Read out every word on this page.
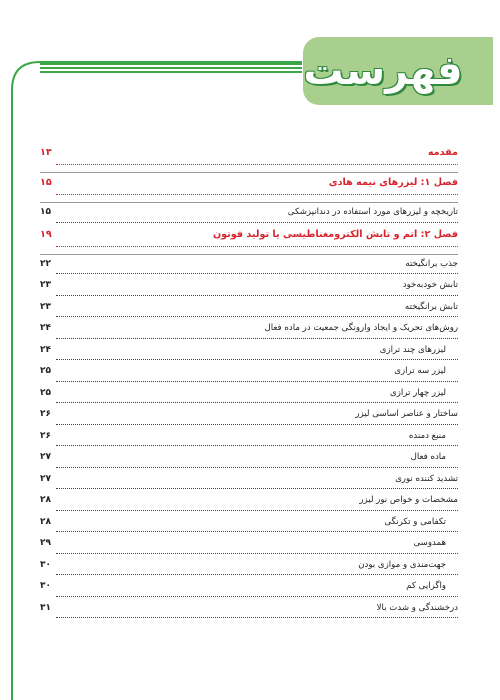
فهرست
مقدمه
۱۳
فصل ۱: لیزرهای نیمه هادی
۱۵
تاریخچه و لیزرهای مورد استفاده در دندانپزشکی
۱۵
فصل ۲: اتم و تابش الکترومغناطیسی یا تولید فوتون
۱۹
جذب برانگیخته
۲۲
تابش خودبه‌خود
۲۳
تابش برانگیخته
۲۳
روش‌های تحریک و ایجاد وارونگی جمعیت در ماده فعال
۲۴
لیزرهای چند ترازی
۲۴
لیزر سه ترازی
۲۵
لیزر چهار ترازی
۲۵
ساختار و عناصر اساسی لیزر
۲۶
منبع دمنده
۲۶
ماده فعال
۲۷
تشدید کننده نوری
۲۷
مشخصات و خواص نور لیزر
۲۸
تکفامی و تکرنگی
۲۸
همدوسی
۲۹
جهت‌مندی و موازی بودن
۳۰
واگرایی کم
۳۰
درخشندگی و شدت بالا
۳۱
